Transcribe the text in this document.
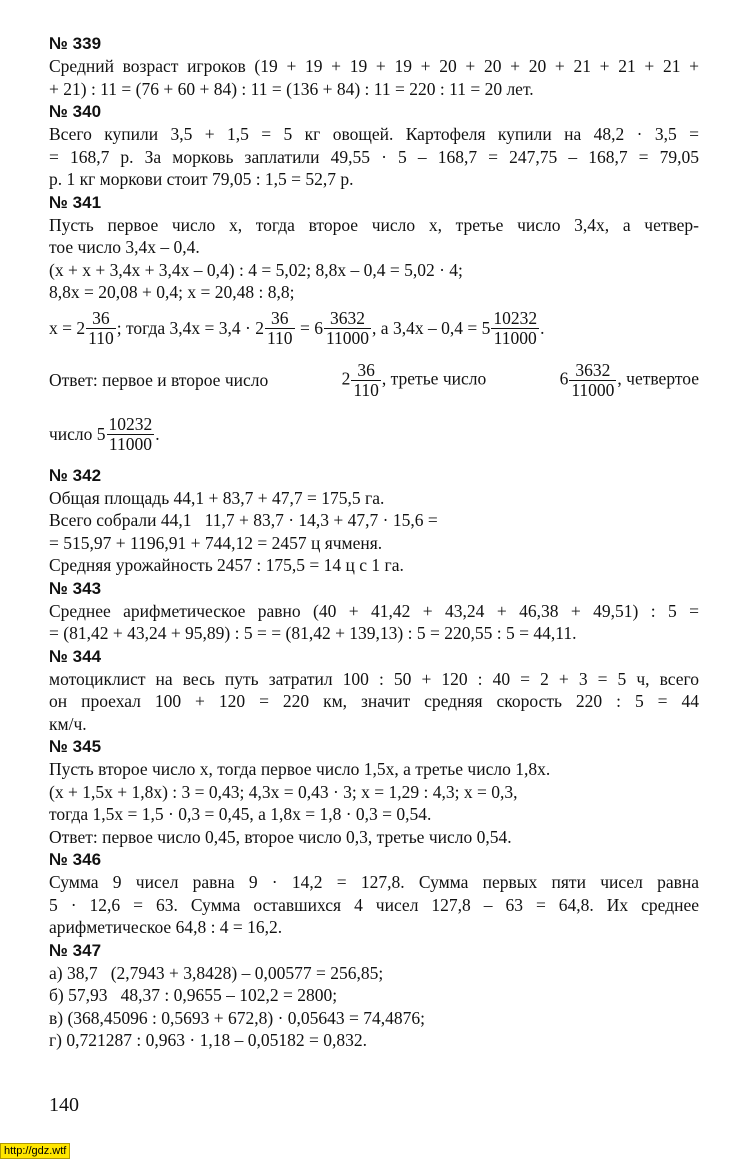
№ 339
Средний возраст игроков (19 + 19 + 19 + 19 + 20 + 20 + 20 + 21 + 21 + 21 +
+ 21) : 11 = (76 + 60 + 84) : 11 = (136 + 84) : 11 = 220 : 11 = 20 лет.
№ 340
Всего купили 3,5 + 1,5 = 5 кг овощей. Картофеля купили на 48,2 · 3,5 =
= 168,7 р. За морковь заплатили 49,55 · 5 – 168,7 = 247,75 – 168,7 = 79,05
р. 1 кг моркови стоит 79,05 : 1,5 = 52,7 р.
№ 341
Пусть первое число x, тогда второе число x, третье число 3,4x, а четвер-
тое число 3,4x – 0,4.
(x + x + 3,4x + 3,4x – 0,4) : 4 = 5,02; 8,8x – 0,4 = 5,02 · 4;
8,8x = 20,08 + 0,4; x = 20,48 : 8,8;
x =
$2 \frac{36}{110}$ ; тогда 3,4x = 3,4 ·
$2 \frac{36}{110}$
=
$6 \frac{3632}{11000}$ , а 3,4x – 0,4 =
$5 \frac{10232}{11000}$ .
Ответ: первое и второе число	$2 \frac{36}{110}$ , третье число	$6 \frac{3632}{11000}$ , четвертое
число
$5 \frac{10232}{11000}$ .
№ 342
Общая площадь 44,1 + 83,7 + 47,7 = 175,5 га.
Всего собрали 44,1   11,7 + 83,7 · 14,3 + 47,7 · 15,6 =
= 515,97 + 1196,91 + 744,12 = 2457 ц ячменя.
Средняя урожайность 2457 : 175,5 = 14 ц с 1 га.
№ 343
Среднее арифметическое равно (40 + 41,42 + 43,24 + 46,38 + 49,51) : 5 =
= (81,42 + 43,24 + 95,89) : 5 = = (81,42 + 139,13) : 5 = 220,55 : 5 = 44,11.
№ 344
мотоциклист на весь путь затратил 100 : 50 + 120 : 40 = 2 + 3 = 5 ч, всего
он проехал 100 + 120 = 220 км, значит средняя скорость 220 : 5 = 44
км/ч.
№ 345
Пусть второе число x, тогда первое число 1,5x, а третье число 1,8x.
(x + 1,5x + 1,8x) : 3 = 0,43; 4,3x = 0,43 · 3; x = 1,29 : 4,3; x = 0,3,
тогда 1,5x = 1,5 · 0,3 = 0,45, а 1,8x = 1,8 · 0,3 = 0,54.
Ответ: первое число 0,45, второе число 0,3, третье число 0,54.
№ 346
Сумма 9 чисел равна 9 · 14,2 = 127,8. Сумма первых пяти чисел равна
5 · 12,6 = 63. Сумма оставшихся 4 чисел 127,8 – 63 = 64,8. Их среднее
арифметическое 64,8 : 4 = 16,2.
№ 347
а) 38,7   (2,7943 + 3,8428) – 0,00577 = 256,85;
б) 57,93   48,37 : 0,9655 – 102,2 = 2800;
в) (368,45096 : 0,5693 + 672,8) · 0,05643 = 74,4876;
г) 0,721287 : 0,963 · 1,18 – 0,05182 = 0,832.
140
http://gdz.wtf
